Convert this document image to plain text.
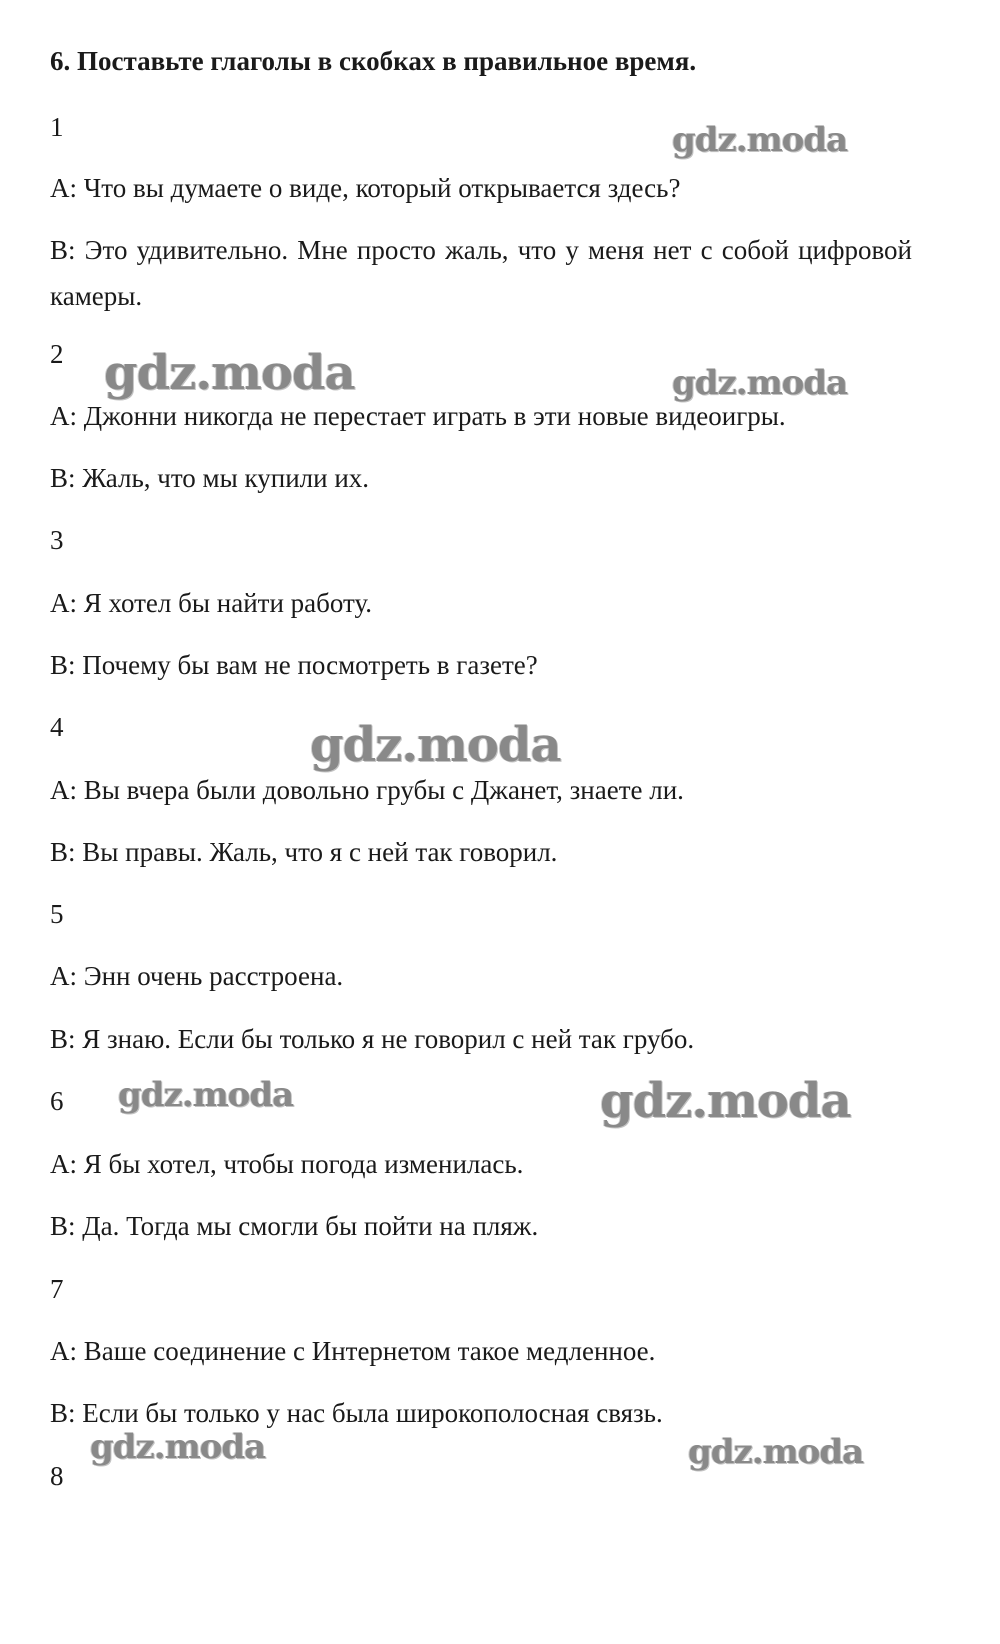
6. Поставьте глаголы в скобках в правильное время.

1

A: Что вы думаете о виде, который открывается здесь?

B: Это удивительно. Мне просто жаль, что у меня нет с собой цифровой камеры.

2

A: Джонни никогда не перестает играть в эти новые видеоигры.

B: Жаль, что мы купили их.

3

A: Я хотел бы найти работу.

B: Почему бы вам не посмотреть в газете?

4

A: Вы вчера были довольно грубы с Джанет, знаете ли.

B: Вы правы. Жаль, что я с ней так говорил.

5

A: Энн очень расстроена.

B: Я знаю. Если бы только я не говорил с ней так грубо.

6

A: Я бы хотел, чтобы погода изменилась.

B: Да. Тогда мы смогли бы пойти на пляж.

7

A: Ваше соединение с Интернетом такое медленное.

B: Если бы только у нас была широкополосная связь.

8

gdz.moda
gdz.moda	gdz.moda
gdz.moda
gdz.moda	gdz.moda
gdz.moda	gdz.moda
